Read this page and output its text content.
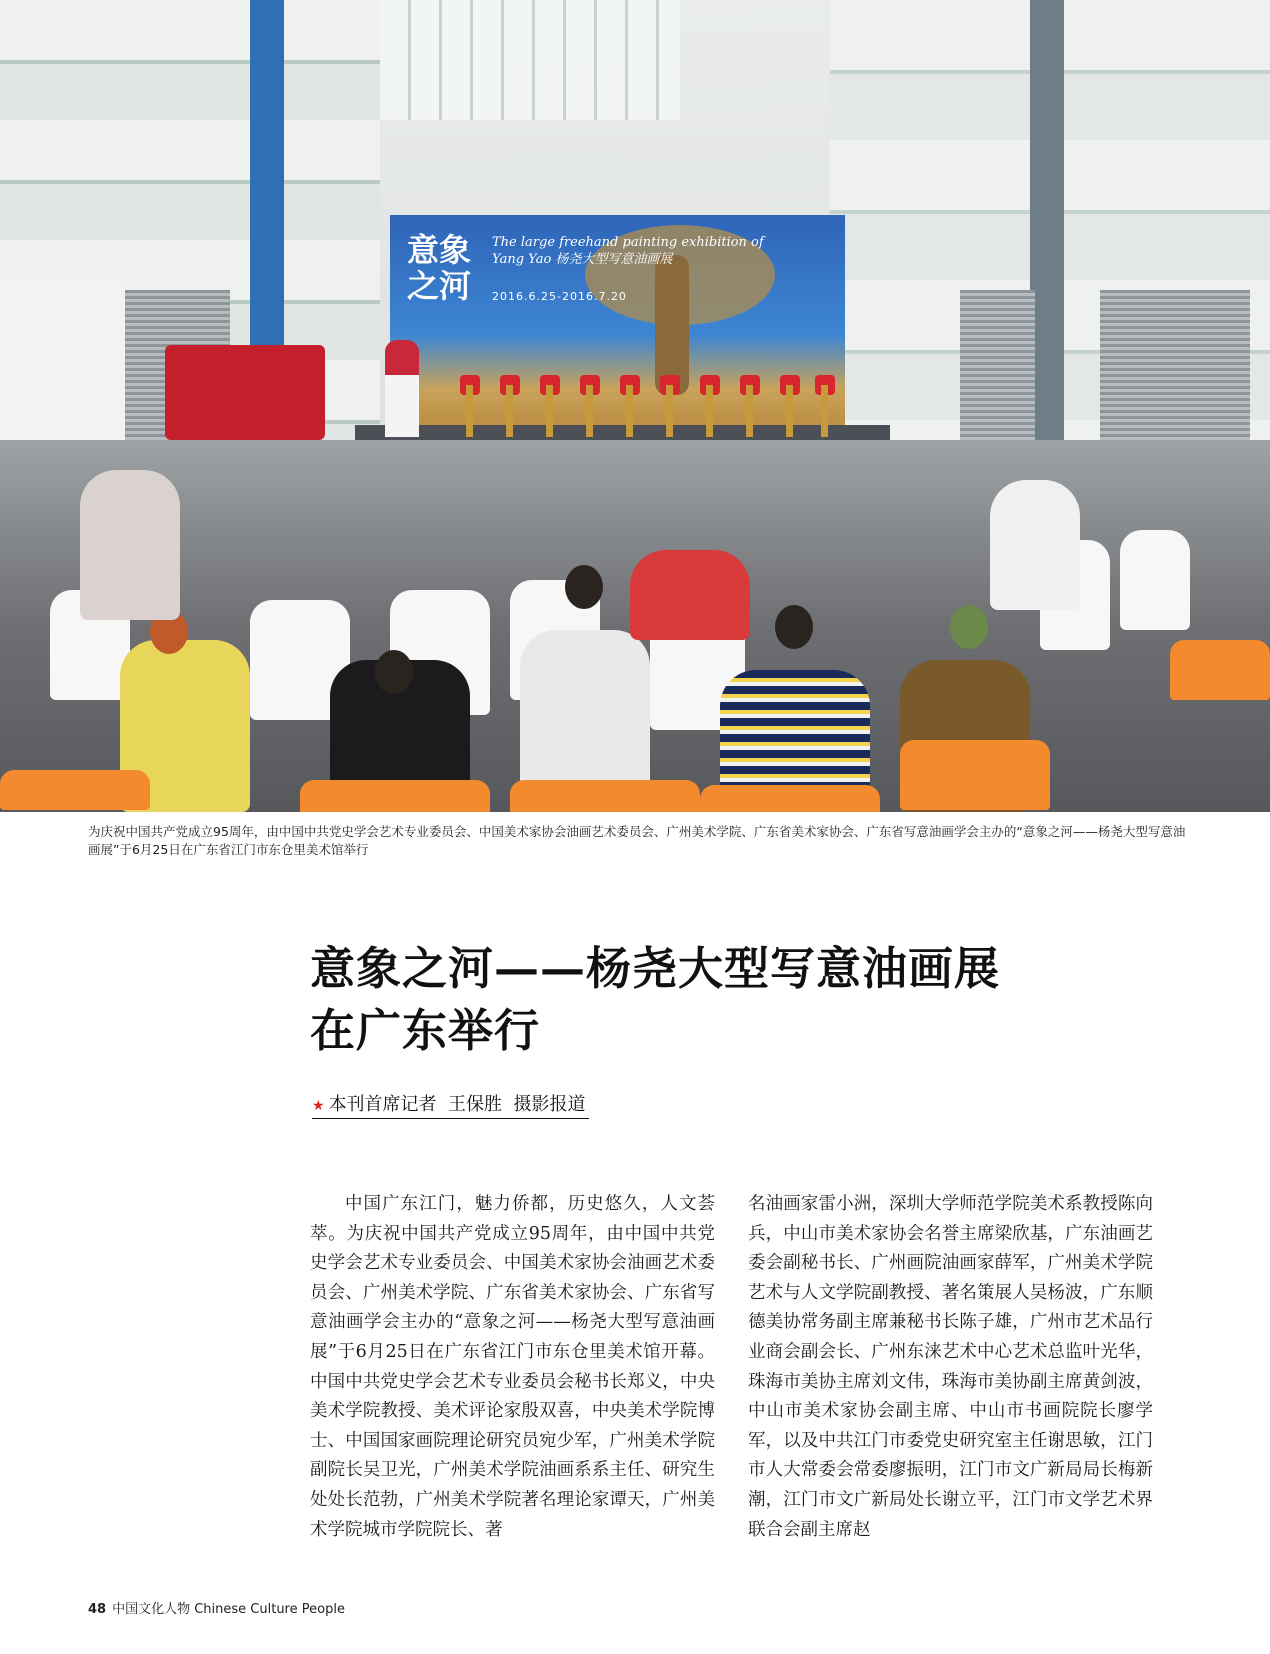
意象之河
The large freehand painting exhibition of Yang Yao 杨尧大型写意油画展
2016.6.25-2016.7.20
为庆祝中国共产党成立95周年，由中国中共党史学会艺术专业委员会、中国美术家协会油画艺术委员会、广州美术学院、广东省美术家协会、广东省写意油画学会主办的“意象之河——杨尧大型写意油画展”于6月25日在广东省江门市东仓里美术馆举行
意象之河——杨尧大型写意油画展
在广东举行
★ 本刊首席记者  王保胜  摄影报道

中国广东江门，魅力侨都，历史悠久，人文荟萃。为庆祝中国共产党成立95周年，由中国中共党史学会艺术专业委员会、中国美术家协会油画艺术委员会、广州美术学院、广东省美术家协会、广东省写意油画学会主办的“意象之河——杨尧大型写意油画展”于6月25日在广东省江门市东仓里美术馆开幕。中国中共党史学会艺术专业委员会秘书长郑义，中央美术学院教授、美术评论家殷双喜，中央美术学院博士、中国国家画院理论研究员宛少军，广州美术学院副院长吴卫光，广州美术学院油画系系主任、研究生处处长范勃，广州美术学院著名理论家谭天，广州美术学院城市学院院长、著

名油画家雷小洲，深圳大学师范学院美术系教授陈向兵，中山市美术家协会名誉主席梁欣基，广东油画艺委会副秘书长、广州画院油画家薛军，广州美术学院艺术与人文学院副教授、著名策展人吴杨波，广东顺德美协常务副主席兼秘书长陈子雄，广州市艺术品行业商会副会长、广州东涞艺术中心艺术总监叶光华，珠海市美协主席刘文伟，珠海市美协副主席黄剑波，中山市美术家协会副主席、中山市书画院院长廖学军，以及中共江门市委党史研究室主任谢思敏，江门市人大常委会常委廖振明，江门市文广新局局长梅新潮，江门市文广新局处长谢立平，江门市文学艺术界联合会副主席赵

48 中国文化人物 Chinese Culture People
